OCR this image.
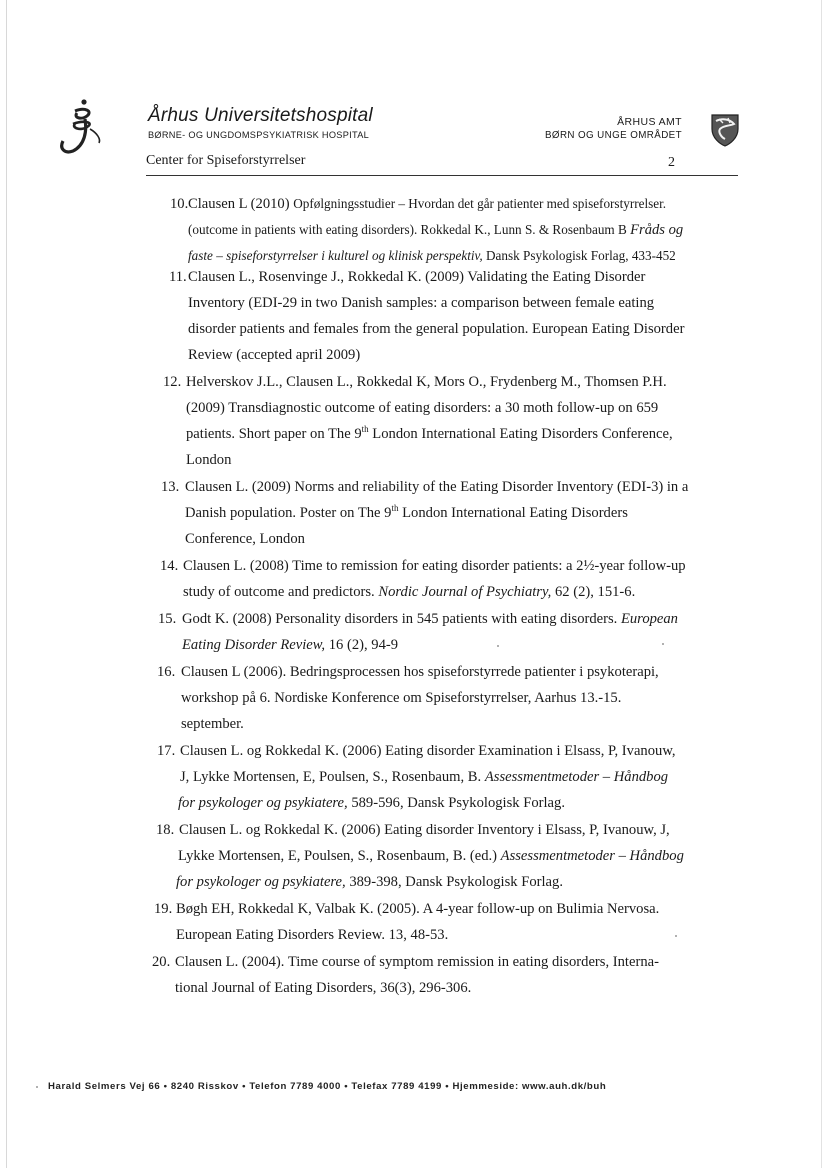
Århus Universitetshospital
BØRNE- OG UNGDOMSPSYKIATRISK HOSPITAL
ÅRHUS AMT
BØRN OG UNGE OMRÅDET
Center for Spiseforstyrrelser	2
10. Clausen L (2010) Opfølgningsstudier – Hvordan det går patienter med spiseforstyrrelser.
(outcome in patients with eating disorders). Rokkedal K., Lunn S. & Rosenbaum B Fråds og
faste – spiseforstyrrelser i kulturel og klinisk perspektiv, Dansk Psykologisk Forlag, 433-452
11. Clausen L., Rosenvinge J., Rokkedal K. (2009) Validating the Eating Disorder
Inventory (EDI-29 in two Danish samples: a comparison between female eating
disorder patients and females from the general population. European Eating Disorder
Review (accepted april 2009)
12. Helverskov J.L., Clausen L., Rokkedal K, Mors O., Frydenberg M., Thomsen P.H.
(2009) Transdiagnostic outcome of eating disorders: a 30 moth follow-up on 659
patients. Short paper on The 9th London International Eating Disorders Conference,
London
13. Clausen L. (2009) Norms and reliability of the Eating Disorder Inventory (EDI-3) in a
Danish population. Poster on The 9th London International Eating Disorders
Conference, London
14. Clausen L. (2008) Time to remission for eating disorder patients: a 2½-year follow-up
study of outcome and predictors. Nordic Journal of Psychiatry, 62 (2), 151-6.
15. Godt K. (2008) Personality disorders in 545 patients with eating disorders. European
Eating Disorder Review, 16 (2), 94-9
16. Clausen L (2006). Bedringsprocessen hos spiseforstyrrede patienter i psykoterapi,
workshop på 6. Nordiske Konference om Spiseforstyrrelser, Aarhus 13.-15.
september.
17. Clausen L. og Rokkedal K. (2006) Eating disorder Examination i Elsass, P, Ivanouw,
J, Lykke Mortensen, E, Poulsen, S., Rosenbaum, B. Assessmentmetoder – Håndbog
for psykologer og psykiatere, 589-596, Dansk Psykologisk Forlag.
18. Clausen L. og Rokkedal K. (2006) Eating disorder Inventory i Elsass, P, Ivanouw, J,
Lykke Mortensen, E, Poulsen, S., Rosenbaum, B. (ed.) Assessmentmetoder – Håndbog
for psykologer og psykiatere, 389-398, Dansk Psykologisk Forlag.
19. Bøgh EH, Rokkedal K, Valbak K. (2005). A 4-year follow-up on Bulimia Nervosa.
European Eating Disorders Review. 13, 48-53.
20. Clausen L. (2004). Time course of symptom remission in eating disorders, Interna-
tional Journal of Eating Disorders, 36(3), 296-306.
Harald Selmers Vej 66 • 8240 Risskov • Telefon 7789 4000 • Telefax 7789 4199 • Hjemmeside: www.auh.dk/buh
